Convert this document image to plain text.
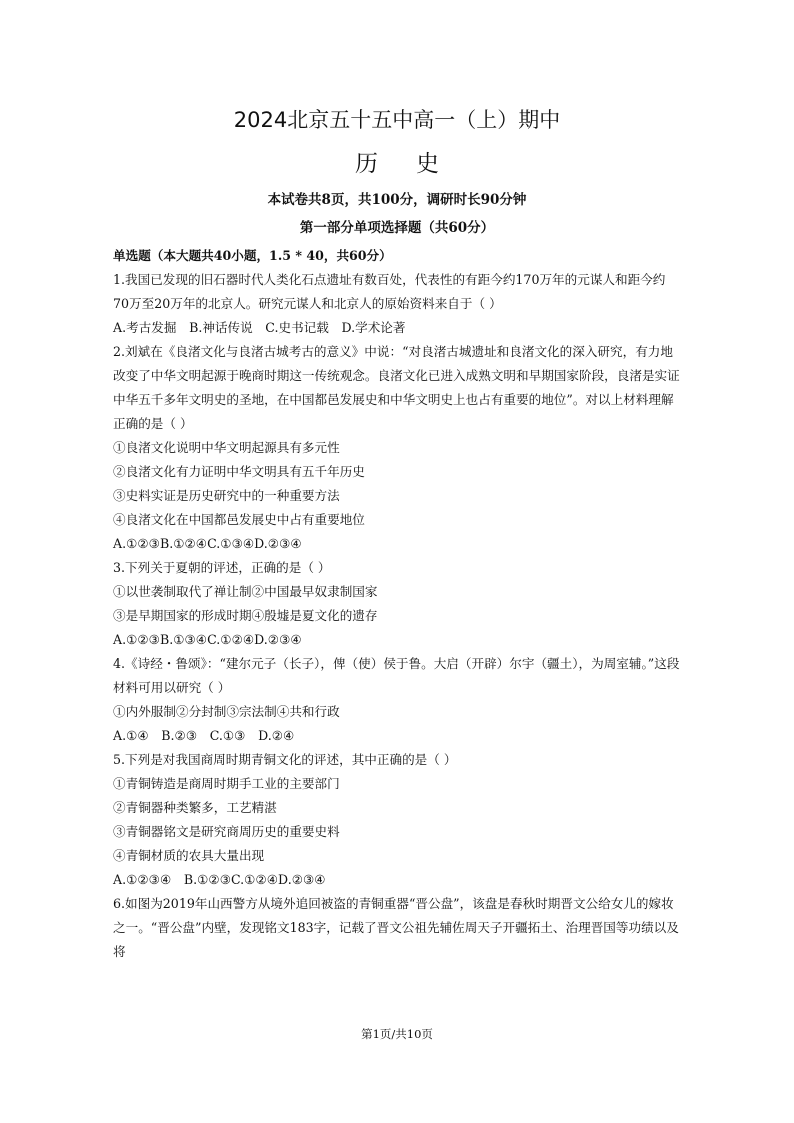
2024北京五十五中高一（上）期中
历史
本试卷共8页，共100分，调研时长90分钟
第一部分单项选择题（共60分）

单选题（本大题共40小题，1.5 * 40，共60分）

1.我国已发现的旧石器时代人类化石点遗址有数百处，代表性的有距今约170万年的元谋人和距今约70万至20万年的北京人。研究元谋人和北京人的原始资料来自于（ ）

A.考古发掘　B.神话传说　C.史书记载　D.学术论著

2.刘斌在《良渚文化与良渚古城考古的意义》中说：“对良渚古城遗址和良渚文化的深入研究，有力地改变了中华文明起源于晚商时期这一传统观念。良渚文化已进入成熟文明和早期国家阶段，良渚是实证中华五千多年文明史的圣地，在中国都邑发展史和中华文明史上也占有重要的地位”。对以上材料理解正确的是（ ）

①良渚文化说明中华文明起源具有多元性

②良渚文化有力证明中华文明具有五千年历史

③史料实证是历史研究中的一种重要方法

④良渚文化在中国都邑发展史中占有重要地位

A.①②③B.①②④C.①③④D.②③④

3.下列关于夏朝的评述，正确的是（ ）

①以世袭制取代了禅让制②中国最早奴隶制国家

③是早期国家的形成时期④殷墟是夏文化的遗存

A.①②③B.①③④C.①②④D.②③④

4.《诗经・鲁颂》：“建尔元子（长子），俾（使）侯于鲁。大启（开辟）尔宇（疆土），为周室辅。”这段材料可用以研究（ ）

①内外服制②分封制③宗法制④共和行政

A.①④　B.②③　C.①③　D.②④

5.下列是对我国商周时期青铜文化的评述，其中正确的是（ ）

①青铜铸造是商周时期手工业的主要部门

②青铜器种类繁多，工艺精湛

③青铜器铭文是研究商周历史的重要史料

④青铜材质的农具大量出现

A.①②③④　B.①②③C.①②④D.②③④

6.如图为2019年山西警方从境外追回被盗的青铜重器“晋公盘”，该盘是春秋时期晋文公给女儿的嫁妆之一。“晋公盘”内壁，发现铭文183字，记载了晋文公祖先辅佐周天子开疆拓土、治理晋国等功绩以及将

第1页/共10页
